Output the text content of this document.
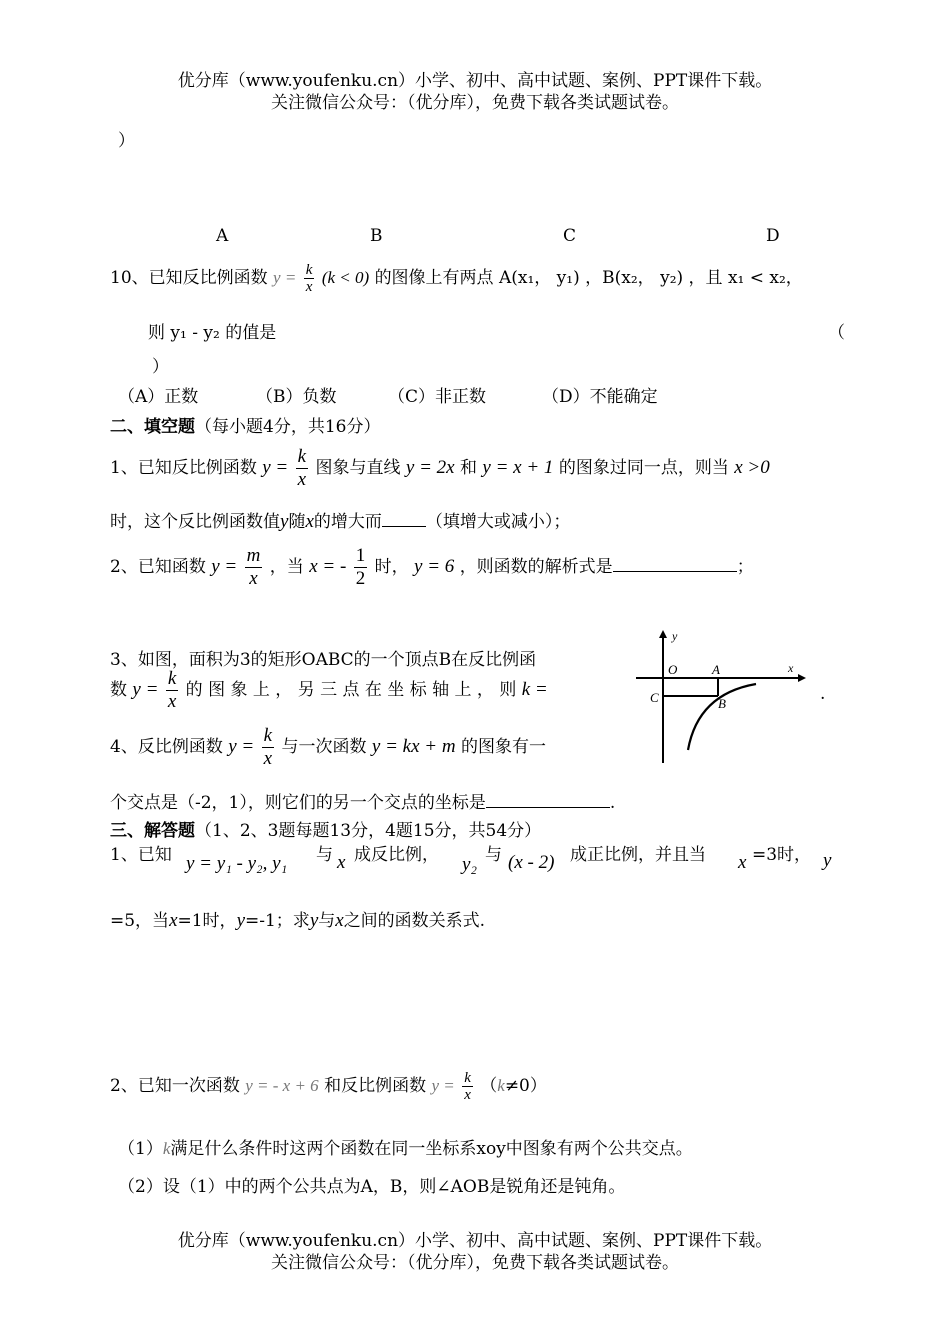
优分库（www.youfenku.cn）小学、初中、高中试题、案例、PPT课件下载。
关注微信公众号：（优分库），免费下载各类试题试卷。
）
A	B	C	D
10、已知反比例函数 $y = \frac{k}{x} (k < 0)$ 的图像上有两点 A(x₁， y₁) ，B(x₂， y₂) ，且 x₁ < x₂，
则 y₁ - y₂ 的值是	（
）
（A）正数	（B）负数	（C）非正数	（D）不能确定
二、填空题（每小题4分，共16分）
1、已知反比例函数 $y = \frac{k}{x}$ 图象与直线 y = 2x 和 y = x + 1 的图象过同一点，则当 x >0
时，这个反比例函数值y随x的增大而	（填增大或减小）；
2、已知函数 $y = \frac{m}{x}$ ，当 x = - $\frac{1}{2}$ 时， y = 6 ，则函数的解析式是	；
3、如图，面积为3的矩形OABC的一个顶点B在反比例函
数 $y = \frac{k}{x}$ 的 图 象 上 ， 另 三 点 在 坐 标 轴 上 ， 则 k =	.
y
x
O	A
B
C
4、反比例函数 $y = \frac{k}{x}$ 与一次函数 y = kx + m 的图象有一
个交点是（-2，1），则它们的另一个交点的坐标是	.
三、解答题（1、2、3题每题13分，4题15分，共54分）
1、已知 y = y₁ - y₂, y₁ 与 x 成反比例， y₂ 与 (x - 2) 成正比例，并且当 x =3时， y
=5，当x=1时，y=-1；求y与x之间的函数关系式.
2、已知一次函数 y = - x + 6 和反比例函数 $y = \frac{k}{x} (k\ne 0)$
（1）k满足什么条件时这两个函数在同一坐标系xoy中图象有两个公共交点。
（2）设（1）中的两个公共点为A，B，则∠AOB是锐角还是钝角。
优分库（www.youfenku.cn）小学、初中、高中试题、案例、PPT课件下载。
关注微信公众号：（优分库），免费下载各类试题试卷。
